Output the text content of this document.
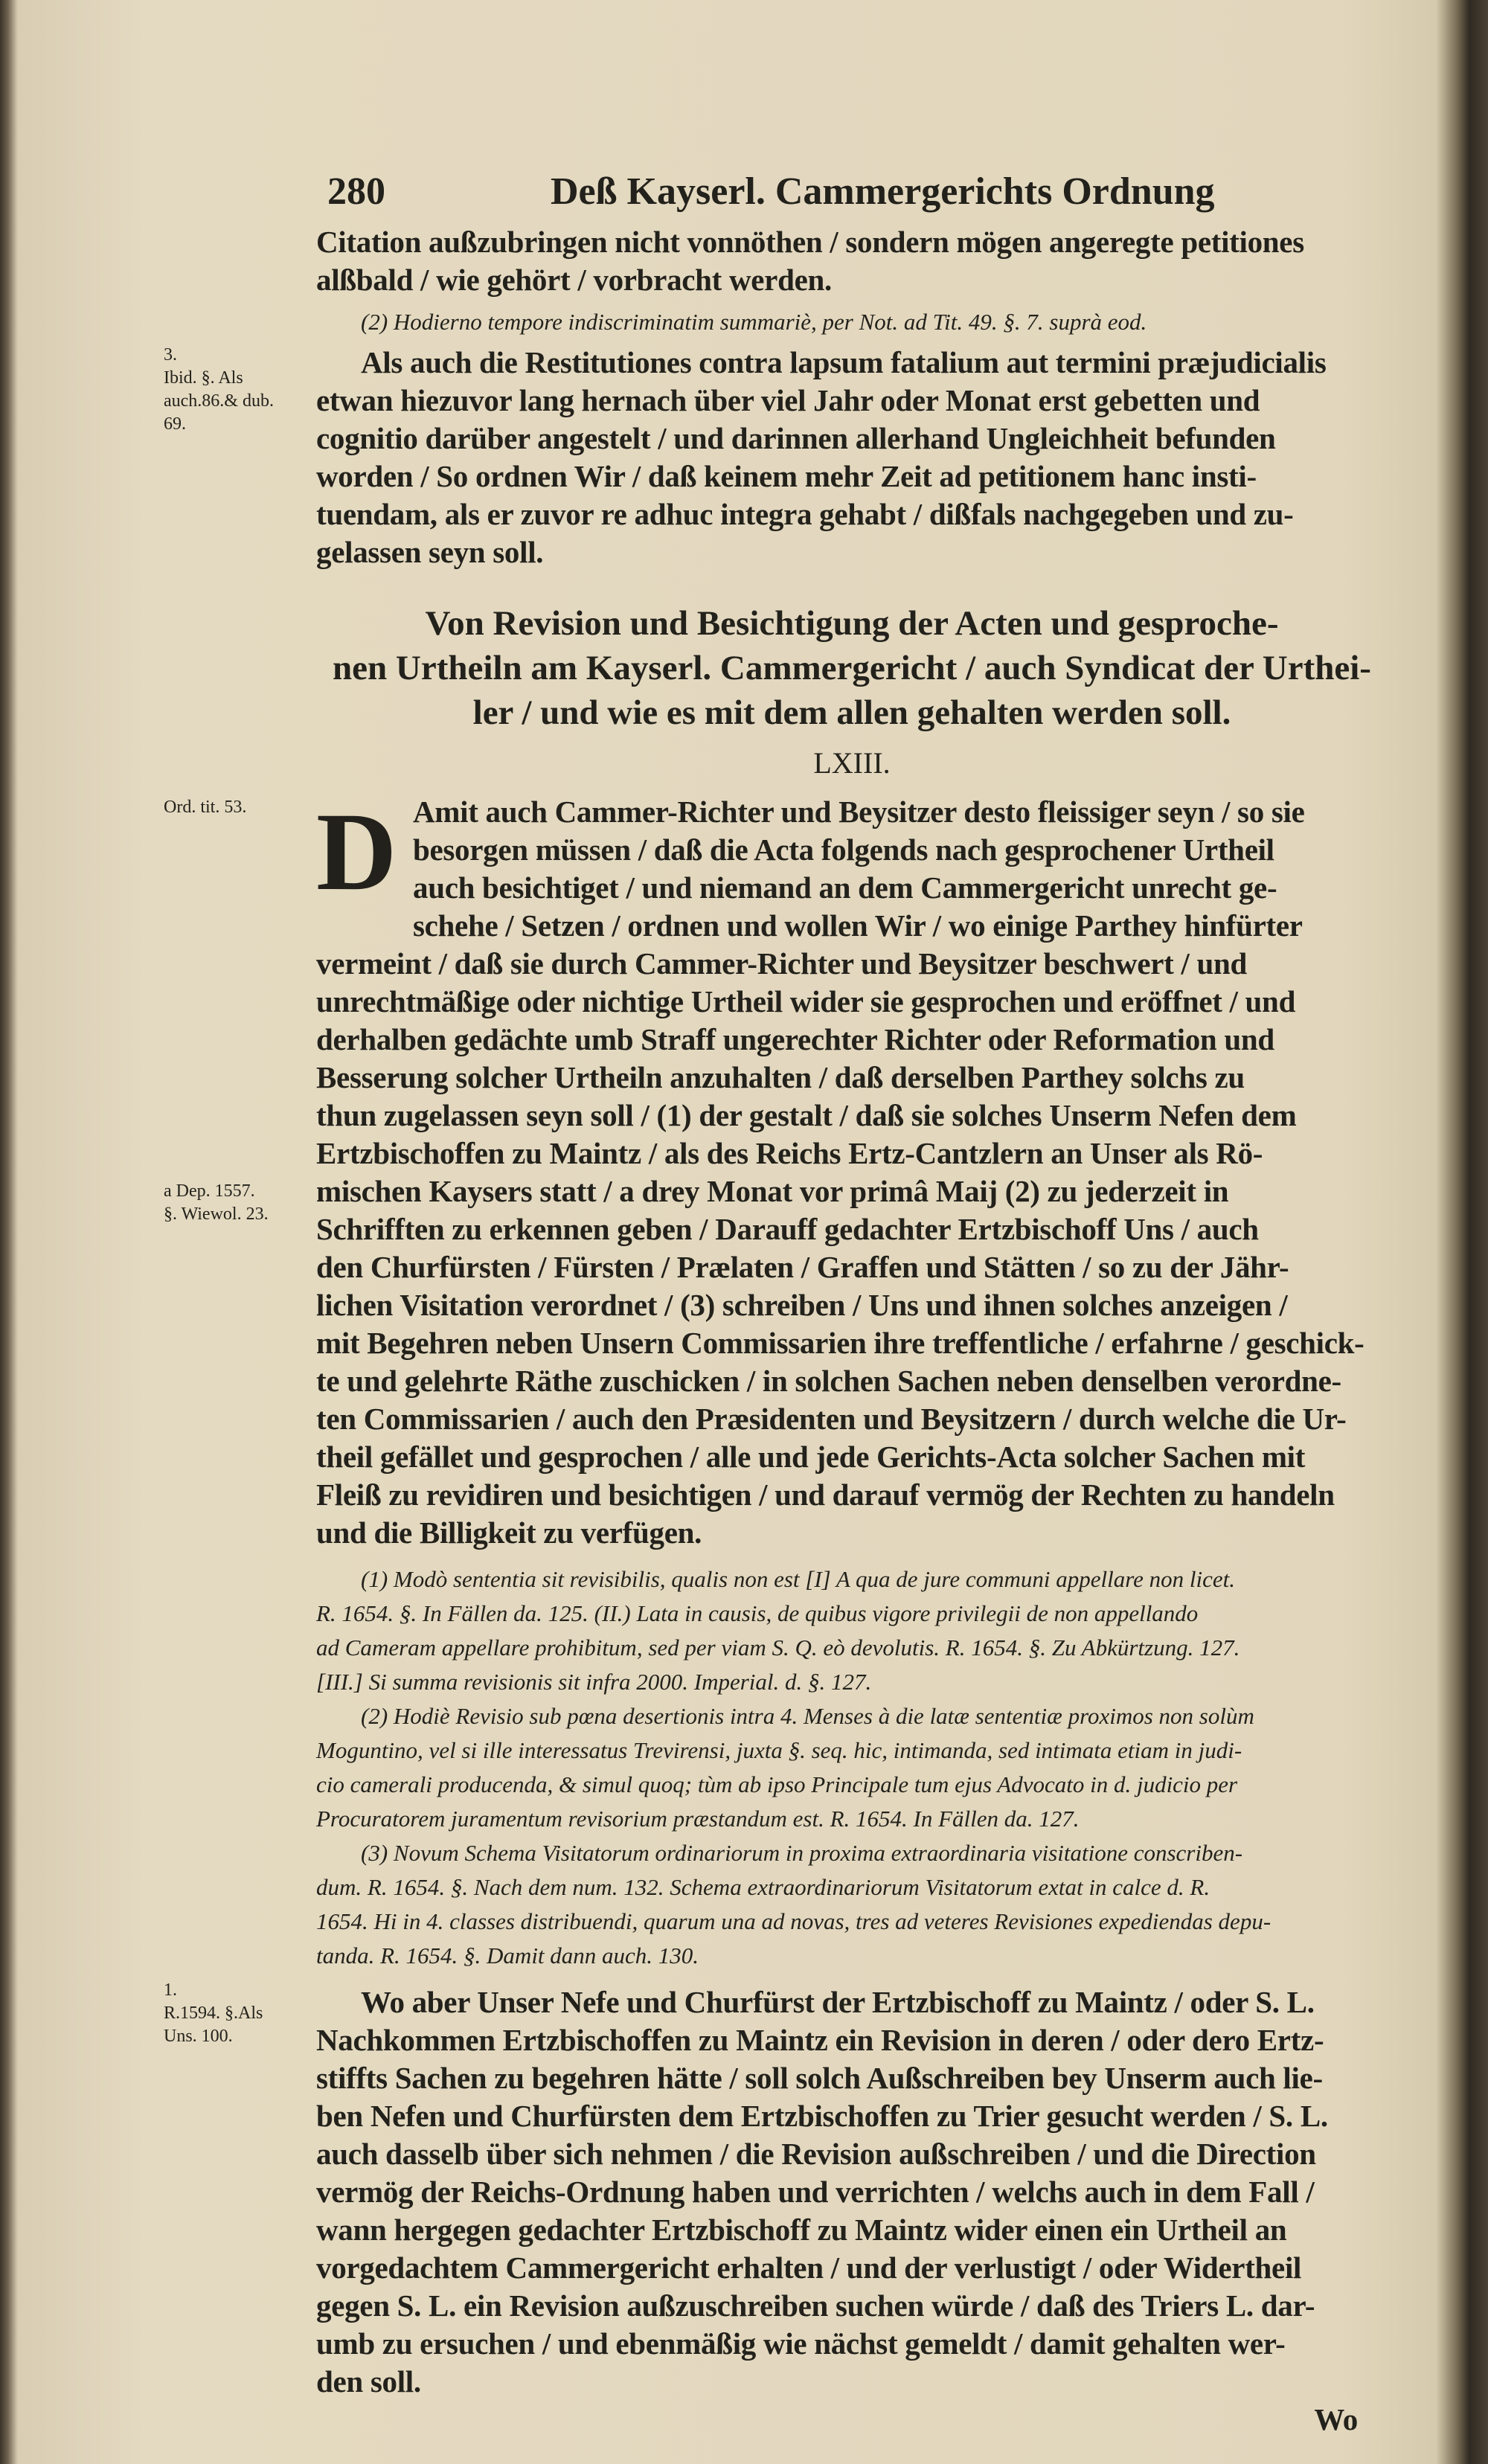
280	Deß Kayserl. Cammergerichts Ordnung
Citation außzubringen nicht vonnöthen / sondern mögen angeregte petitiones
alßbald / wie gehört / vorbracht werden.
(2) Hodierno tempore indiscriminatim summariè, per Not. ad Tit. 49. §. 7. suprà eod.
Als auch die Restitutiones contra lapsum fatalium aut termini præjudicialis
etwan hiezuvor lang hernach über viel Jahr oder Monat erst gebetten und
cognitio darüber angestelt / und darinnen allerhand Ungleichheit befunden
worden / So ordnen Wir / daß keinem mehr Zeit ad petitionem hanc insti-
tuendam, als er zuvor re adhuc integra gehabt / dißfals nachgegeben und zu-
gelassen seyn soll.
3.
Ibid. §. Als
auch.86.& dub.
69.
Von Revision und Besichtigung der Acten und gesproche-
nen Urtheiln am Kayserl. Cammergericht / auch Syndicat der Urthei-
ler / und wie es mit dem allen gehalten werden soll.
LXIII.
D Amit auch Cammer-Richter und Beysitzer desto fleissiger seyn / so sie
besorgen müssen / daß die Acta folgends nach gesprochener Urtheil
auch besichtiget / und niemand an dem Cammergericht unrecht ge-
schehe / Setzen / ordnen und wollen Wir / wo einige Parthey hinfürter
vermeint / daß sie durch Cammer-Richter und Beysitzer beschwert / und
unrechtmäßige oder nichtige Urtheil wider sie gesprochen und eröffnet / und
derhalben gedächte umb Straff ungerechter Richter oder Reformation und
Besserung solcher Urtheiln anzuhalten / daß derselben Parthey solchs zu
thun zugelassen seyn soll / (1) der gestalt / daß sie solches Unserm Nefen dem
Ertzbischoffen zu Maintz / als des Reichs Ertz-Cantzlern an Unser als Rö-
mischen Kaysers statt / a drey Monat vor primâ Maij (2) zu jederzeit in
Schrifften zu erkennen geben / Darauff gedachter Ertzbischoff Uns / auch
den Churfürsten / Fürsten / Prælaten / Graffen und Stätten / so zu der Jähr-
lichen Visitation verordnet / (3) schreiben / Uns und ihnen solches anzeigen /
mit Begehren neben Unsern Commissarien ihre treffentliche / erfahrne / geschick-
te und gelehrte Räthe zuschicken / in solchen Sachen neben denselben verordne-
ten Commissarien / auch den Præsidenten und Beysitzern / durch welche die Ur-
theil gefället und gesprochen / alle und jede Gerichts-Acta solcher Sachen mit
Fleiß zu revidiren und besichtigen / und darauf vermög der Rechten zu handeln
und die Billigkeit zu verfügen.
Ord. tit. 53.
a Dep. 1557.
§. Wiewol. 23.
(1) Modò sententia sit revisibilis, qualis non est [I] A qua de jure communi appellare non licet.
R. 1654. §. In Fällen da. 125. (II.) Lata in causis, de quibus vigore privilegii de non appellando
ad Cameram appellare prohibitum, sed per viam S. Q. eò devolutis. R. 1654. §. Zu Abkürtzung. 127.
[III.] Si summa revisionis sit infra 2000. Imperial. d. §. 127.
(2) Hodiè Revisio sub pœna desertionis intra 4. Menses à die latæ sententiæ proximos non solùm
Moguntino, vel si ille interessatus Trevirensi, juxta §. seq. hic, intimanda, sed intimata etiam in judi-
cio camerali producenda, & simul quoq; tùm ab ipso Principale tum ejus Advocato in d. judicio per
Procuratorem juramentum revisorium præstandum est. R. 1654. In Fällen da. 127.
(3) Novum Schema Visitatorum ordinariorum in proxima extraordinaria visitatione conscriben-
dum. R. 1654. §. Nach dem num. 132. Schema extraordinariorum Visitatorum extat in calce d. R.
1654. Hi in 4. classes distribuendi, quarum una ad novas, tres ad veteres Revisiones expediendas depu-
tanda. R. 1654. §. Damit dann auch. 130.
Wo aber Unser Nefe und Churfürst der Ertzbischoff zu Maintz / oder S. L.
Nachkommen Ertzbischoffen zu Maintz ein Revision in deren / oder dero Ertz-
stiffts Sachen zu begehren hätte / soll solch Außschreiben bey Unserm auch lie-
ben Nefen und Churfürsten dem Ertzbischoffen zu Trier gesucht werden / S. L.
auch dasselb über sich nehmen / die Revision außschreiben / und die Direction
vermög der Reichs-Ordnung haben und verrichten / welchs auch in dem Fall /
wann hergegen gedachter Ertzbischoff zu Maintz wider einen ein Urtheil an
vorgedachtem Cammergericht erhalten / und der verlustigt / oder Widertheil
gegen S. L. ein Revision außzuschreiben suchen würde / daß des Triers L. dar-
umb zu ersuchen / und ebenmäßig wie nächst gemeldt / damit gehalten wer-
den soll.
1.
R.1594. §.Als
Uns. 100.
Wo
